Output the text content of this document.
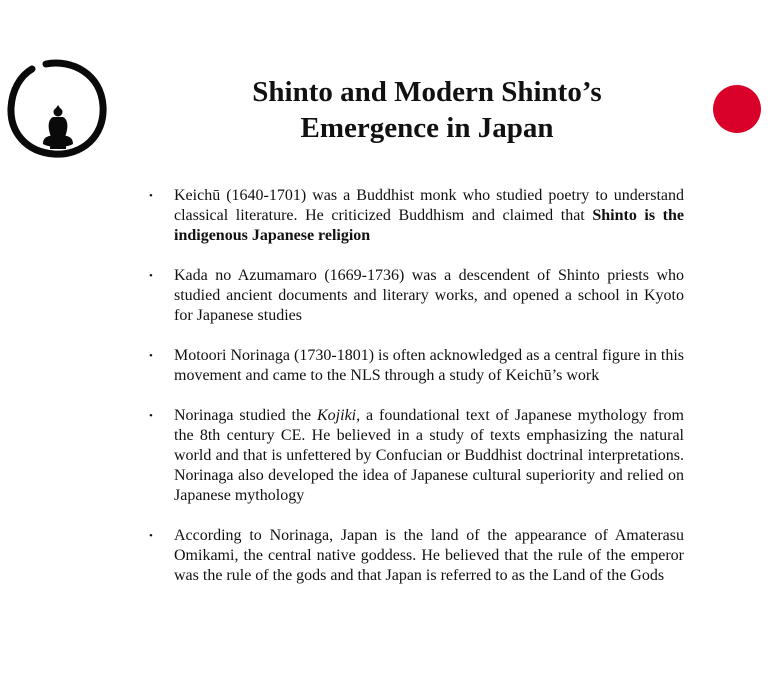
Shinto and Modern Shinto’s
Emergence in Japan
• Keichū (1640-1701) was a Buddhist monk who studied poetry to understand classical literature. He criticized Buddhism and claimed that Shinto is the indigenous Japanese religion
• Kada no Azumamaro (1669-1736) was a descendent of Shinto priests who studied ancient documents and literary works, and opened a school in Kyoto for Japanese studies
• Motoori Norinaga (1730-1801) is often acknowledged as a central figure in this movement and came to the NLS through a study of Keichū’s work
• Norinaga studied the Kojiki, a foundational text of Japanese mythology from the 8th century CE. He believed in a study of texts emphasizing the natural world and that is unfettered by Confucian or Buddhist doctrinal interpretations. Norinaga also developed the idea of Japanese cultural superiority and relied on Japanese mythology
• According to Norinaga, Japan is the land of the appearance of Amaterasu Omikami, the central native goddess. He believed that the rule of the emperor was the rule of the gods and that Japan is referred to as the Land of the Gods
